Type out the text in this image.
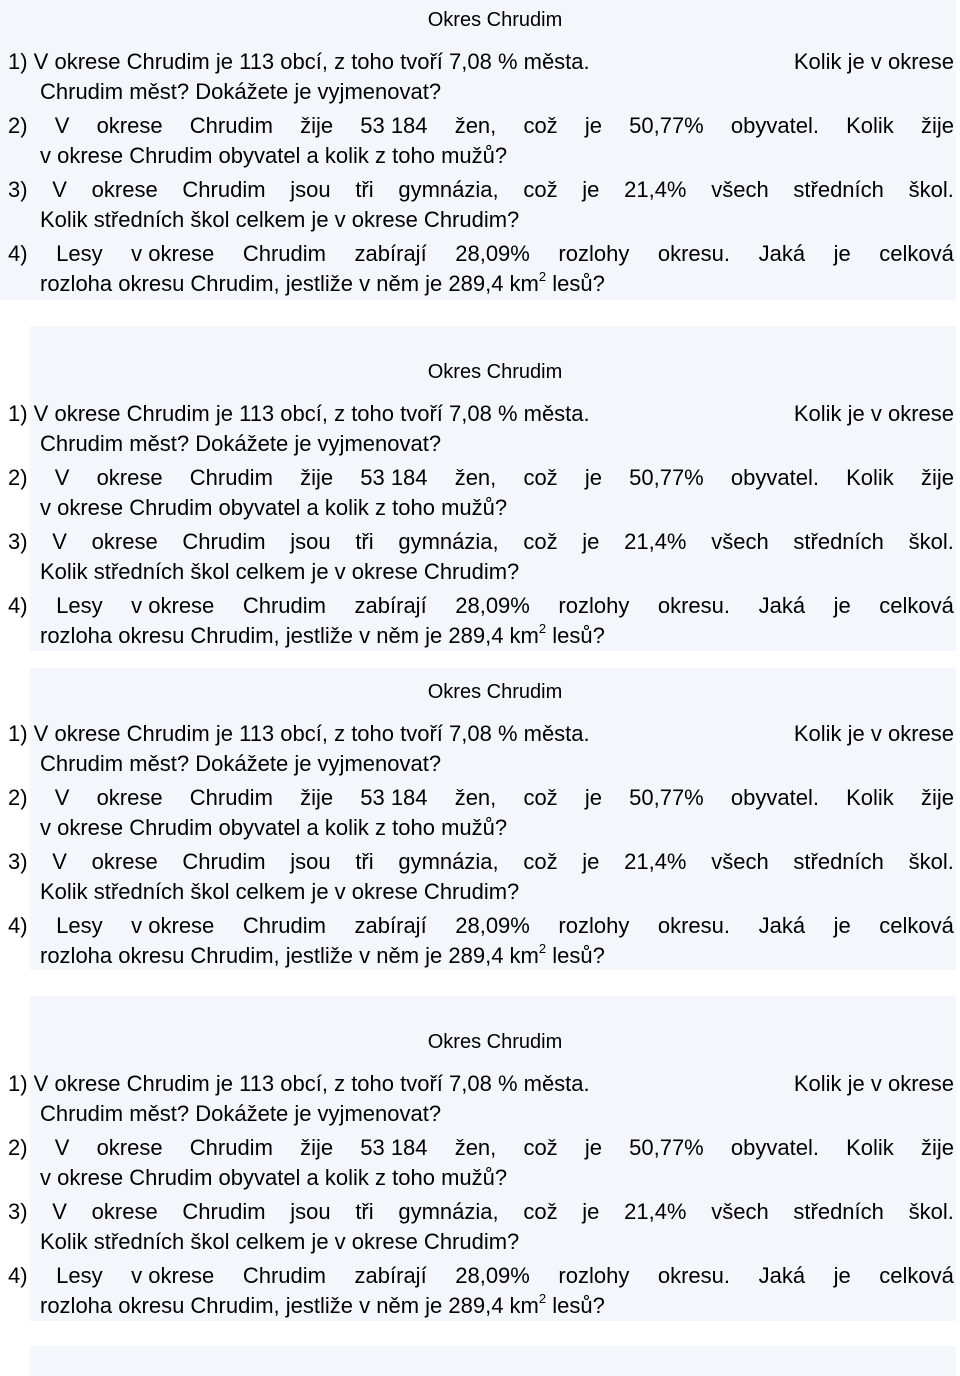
Okres Chrudim
1) V okrese Chrudim je 113 obcí, z toho tvoří 7,08 % města.	Kolik je v okrese
Chrudim měst? Dokážete je vyjmenovat?
2) V okrese Chrudim žije 53 184 žen, což je 50,77% obyvatel. Kolik žije
v okrese Chrudim obyvatel a kolik z toho mužů?
3) V okrese Chrudim jsou tři gymnázia, což je 21,4% všech středních škol.
Kolik středních škol celkem je v okrese Chrudim?
4) Lesy v okrese Chrudim zabírají 28,09% rozlohy okresu. Jaká je celková
rozloha okresu Chrudim, jestliže v něm je 289,4 $km^2$ lesů?
Okres Chrudim
1) V okrese Chrudim je 113 obcí, z toho tvoří 7,08 % města.	Kolik je v okrese
Chrudim měst? Dokážete je vyjmenovat?
2) V okrese Chrudim žije 53 184 žen, což je 50,77% obyvatel. Kolik žije
v okrese Chrudim obyvatel a kolik z toho mužů?
3) V okrese Chrudim jsou tři gymnázia, což je 21,4% všech středních škol.
Kolik středních škol celkem je v okrese Chrudim?
4) Lesy v okrese Chrudim zabírají 28,09% rozlohy okresu. Jaká je celková
rozloha okresu Chrudim, jestliže v něm je 289,4 $km^2$ lesů?
Okres Chrudim
1) V okrese Chrudim je 113 obcí, z toho tvoří 7,08 % města.	Kolik je v okrese
Chrudim měst? Dokážete je vyjmenovat?
2) V okrese Chrudim žije 53 184 žen, což je 50,77% obyvatel. Kolik žije
v okrese Chrudim obyvatel a kolik z toho mužů?
3) V okrese Chrudim jsou tři gymnázia, což je 21,4% všech středních škol.
Kolik středních škol celkem je v okrese Chrudim?
4) Lesy v okrese Chrudim zabírají 28,09% rozlohy okresu. Jaká je celková
rozloha okresu Chrudim, jestliže v něm je 289,4 $km^2$ lesů?
Okres Chrudim
1) V okrese Chrudim je 113 obcí, z toho tvoří 7,08 % města.	Kolik je v okrese
Chrudim měst? Dokážete je vyjmenovat?
2) V okrese Chrudim žije 53 184 žen, což je 50,77% obyvatel. Kolik žije
v okrese Chrudim obyvatel a kolik z toho mužů?
3) V okrese Chrudim jsou tři gymnázia, což je 21,4% všech středních škol.
Kolik středních škol celkem je v okrese Chrudim?
4) Lesy v okrese Chrudim zabírají 28,09% rozlohy okresu. Jaká je celková
rozloha okresu Chrudim, jestliže v něm je 289,4 $km^2$ lesů?
